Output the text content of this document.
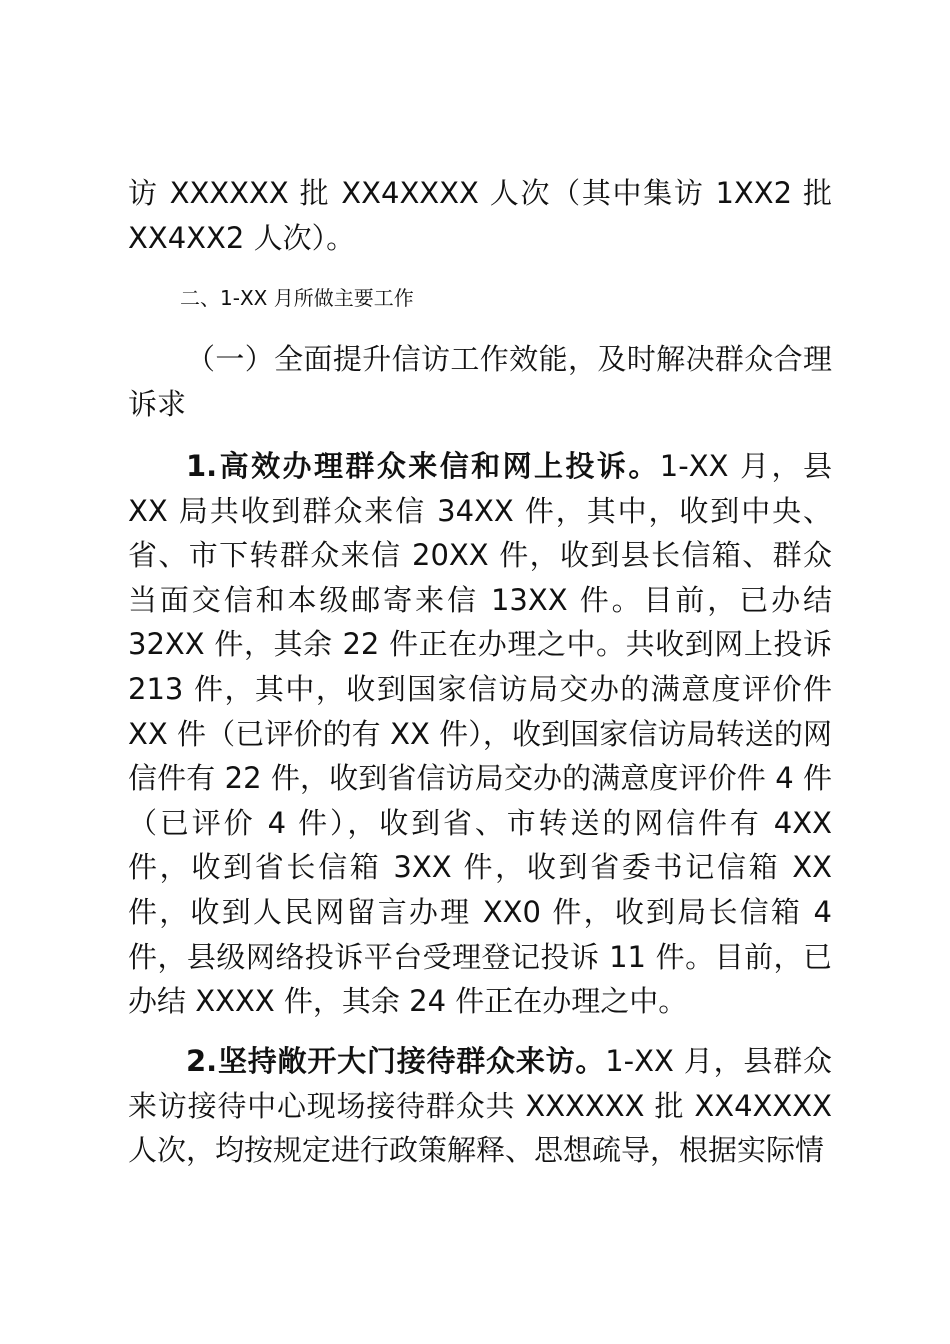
访 XXXXXX 批 XX4XXXX 人次（其中集访 1XX2 批 XX4XX2 人次）。

二、1-XX 月所做主要工作

（一）全面提升信访工作效能，及时解决群众合理诉求

1.高效办理群众来信和网上投诉。1-XX 月，县 XX 局共收到群众来信 34XX 件，其中，收到中央、省、市下转群众来信 20XX 件，收到县长信箱、群众当面交信和本级邮寄来信 13XX 件。目前，已办结 32XX 件，其余 22 件正在办理之中。共收到网上投诉 213 件，其中，收到国家信访局交办的满意度评价件 XX 件（已评价的有 XX 件），收到国家信访局转送的网信件有 22 件，收到省信访局交办的满意度评价件 4 件（已评价 4 件），收到省、市转送的网信件有 4XX 件，收到省长信箱 3XX 件，收到省委书记信箱 XX 件，收到人民网留言办理 XX0 件，收到局长信箱 4 件，县级网络投诉平台受理登记投诉 11 件。目前，已办结 XXXX 件，其余 24 件正在办理之中。

2.坚持敞开大门接待群众来访。1-XX 月，县群众来访接待中心现场接待群众共 XXXXXX 批 XX4XXXX 人次，均按规定进行政策解释、思想疏导，根据实际情
